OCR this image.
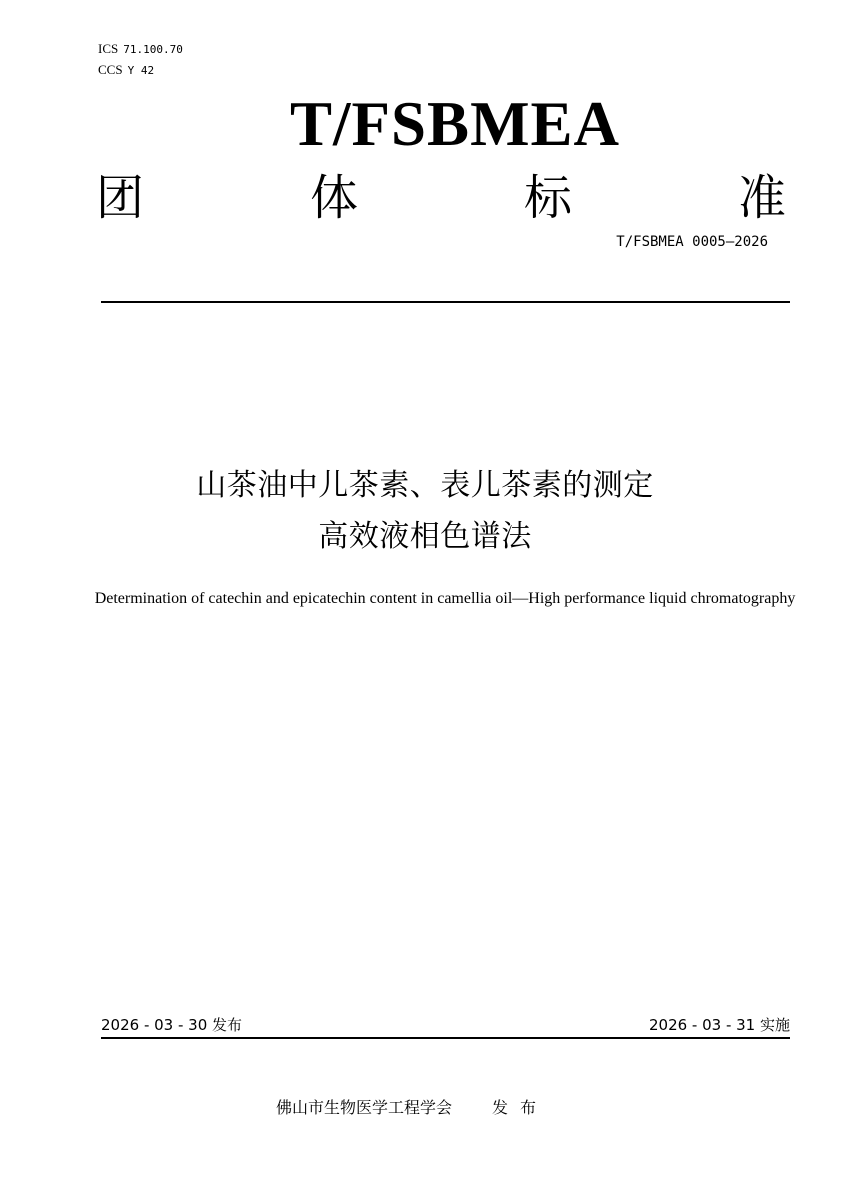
ICS 71.100.70
CCS Y 42
T/FSBMEA
团	体	标	准
T/FSBMEA 0005—2026
山茶油中儿茶素、表儿茶素的测定
高效液相色谱法
Determination of catechin and epicatechin content in camellia oil—High performance liquid chromatography
2026 - 03 - 30 发布	2026 - 03 - 31 实施
佛山市生物医学工程学会	发布
